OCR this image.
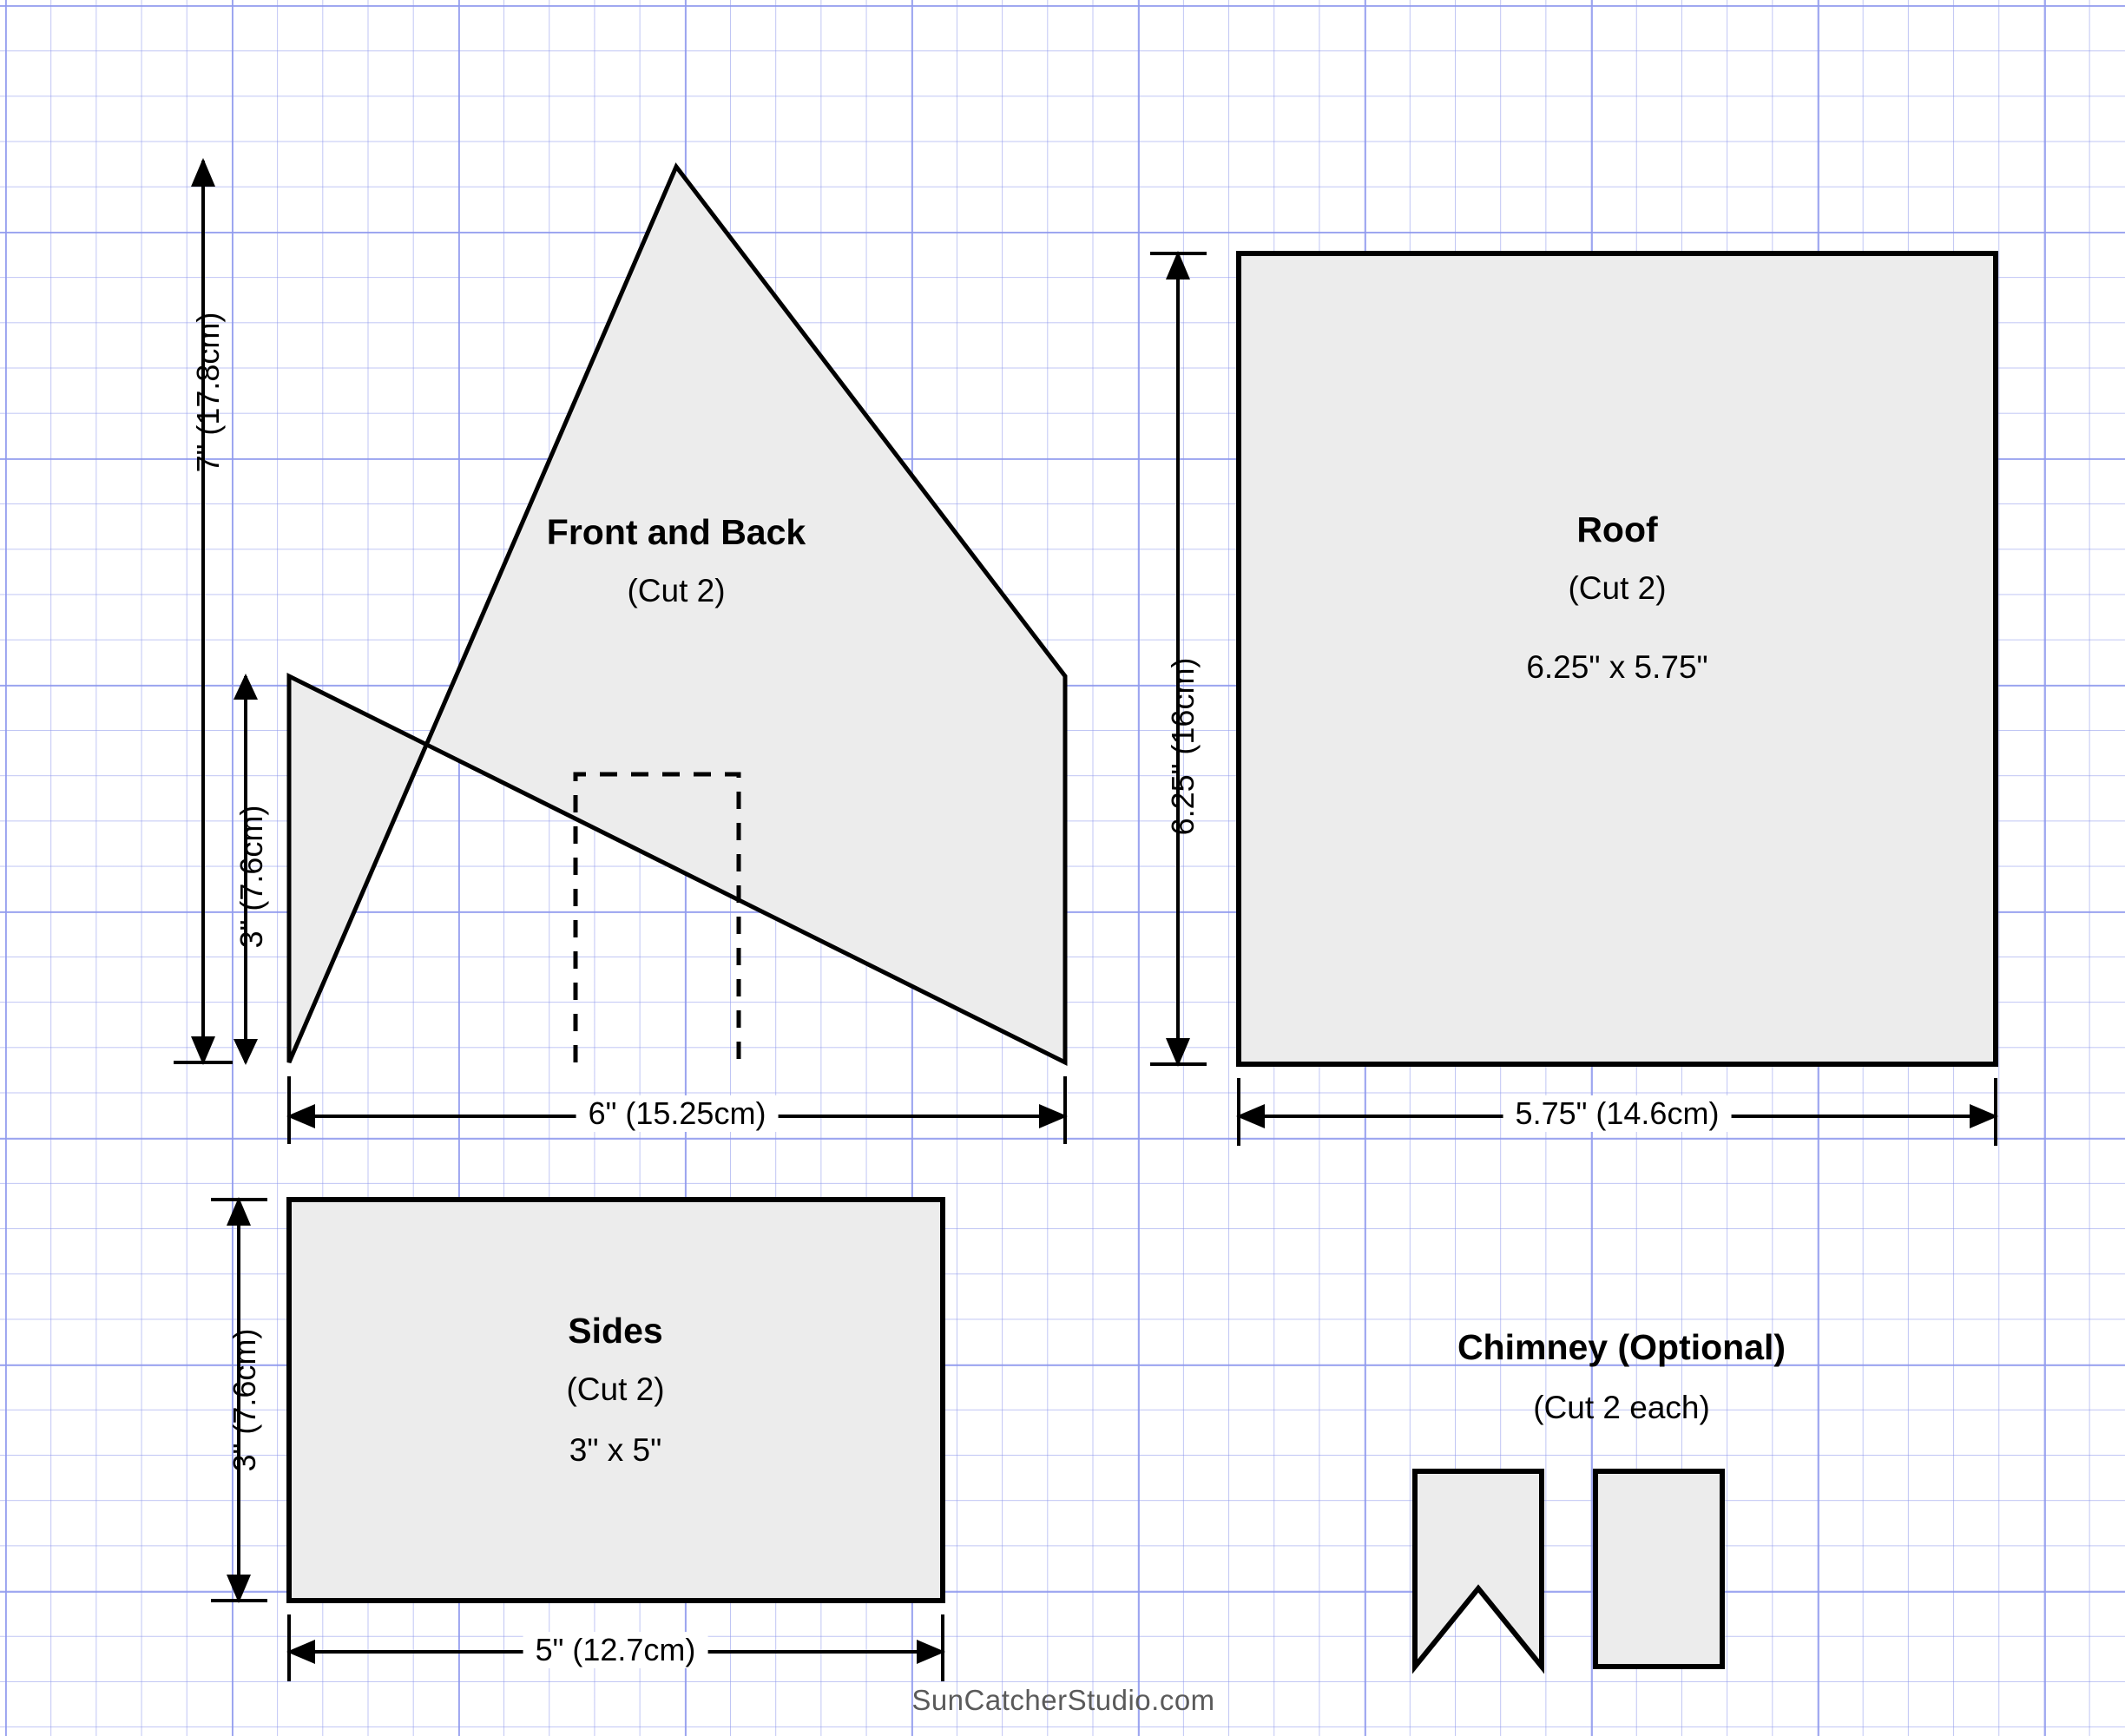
Front and Back
(Cut 2)
7" (17.8cm)
3" (7.6cm)
6" (15.25cm)
Roof
(Cut 2)
6.25" x 5.75"
6.25" (16cm)
5.75" (14.6cm)
Sides
(Cut 2)
3" x 5"
3" (7.6cm)
5" (12.7cm)
Chimney (Optional)
(Cut 2 each)
SunCatcherStudio.com
